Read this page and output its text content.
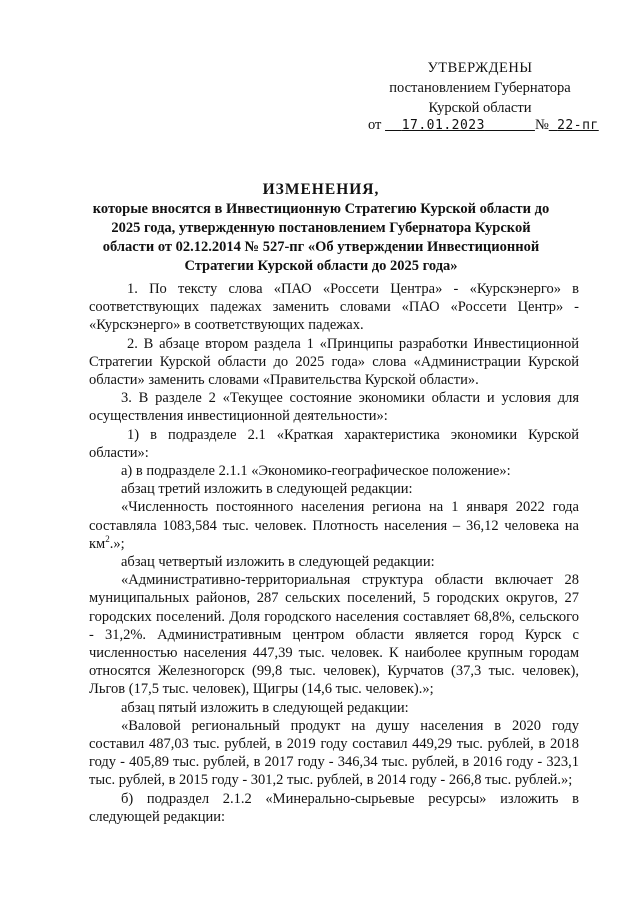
УТВЕРЖДЕНЫ
постановлением Губернатора
Курской области
от 17.01.2023	№ 22-пг
ИЗМЕНЕНИЯ,
которые вносятся в Инвестиционную Стратегию Курской области до
2025 года, утвержденную постановлением Губернатора Курской
области от 02.12.2014 № 527-пг «Об утверждении Инвестиционной
Стратегии Курской области до 2025 года»

1. По тексту слова «ПАО «Россети Центра» - «Курскэнерго» в соответствующих падежах заменить словами «ПАО «Россети Центр» - «Курскэнерго» в соответствующих падежах.

2. В абзаце втором раздела 1 «Принципы разработки Инвестиционной Стратегии Курской области до 2025 года» слова «Администрации Курской области» заменить словами «Правительства Курской области».

3. В разделе 2 «Текущее состояние экономики области и условия для осуществления инвестиционной деятельности»:

1) в подразделе 2.1 «Краткая характеристика экономики Курской области»:

а) в подразделе 2.1.1 «Экономико-географическое положение»:

абзац третий изложить в следующей редакции:

«Численность постоянного населения региона на 1 января 2022 года составляла 1083,584 тыс. человек. Плотность населения – 36,12 человека на $км^2$.»;

абзац четвертый изложить в следующей редакции:

«Административно-территориальная структура области включает 28 муниципальных районов, 287 сельских поселений, 5 городских округов, 27 городских поселений. Доля городского населения составляет 68,8%, сельского - 31,2%. Административным центром области является город Курск с численностью населения 447,39 тыс. человек. К наиболее крупным городам относятся Железногорск (99,8 тыс. человек), Курчатов (37,3 тыс. человек), Льгов (17,5 тыс. человек), Щигры (14,6 тыс. человек).»;

абзац пятый изложить в следующей редакции:

«Валовой региональный продукт на душу населения в 2020 году составил 487,03 тыс. рублей, в 2019 году составил 449,29 тыс. рублей, в 2018 году - 405,89 тыс. рублей, в 2017 году - 346,34 тыс. рублей, в 2016 году - 323,1 тыс. рублей, в 2015 году - 301,2 тыс. рублей, в 2014 году - 266,8 тыс. рублей.»;

б) подраздел 2.1.2 «Минерально-сырьевые ресурсы» изложить в следующей редакции:
